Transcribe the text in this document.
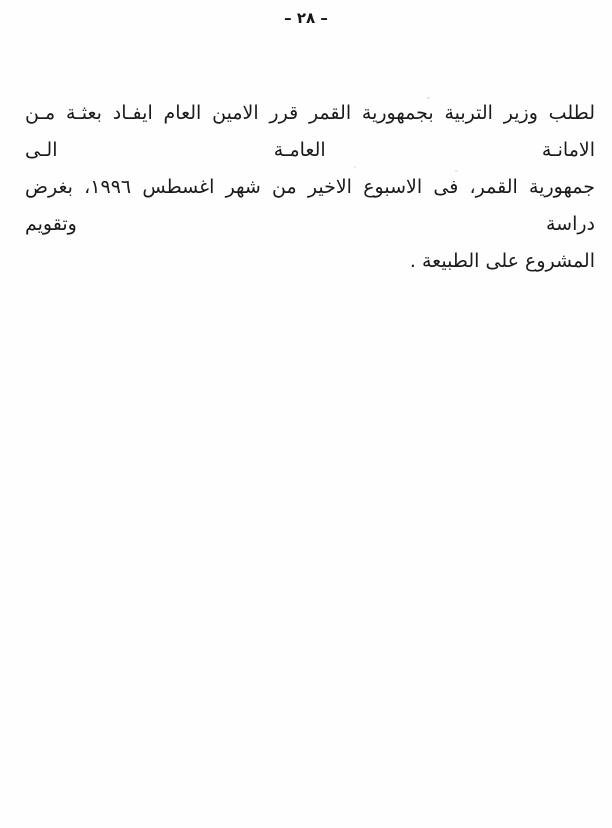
– ٢٨ –
لطلب وزير التربية بجمهورية القمر قرر الامين العام ايفـاد بعثـة مـن الامانـة العامـة الـى
جمهورية القمر، فى الاسبوع الاخير من شهر اغسطس ١٩٩٦، بغرض دراسة وتقويم
المشروع على الطبيعة .
